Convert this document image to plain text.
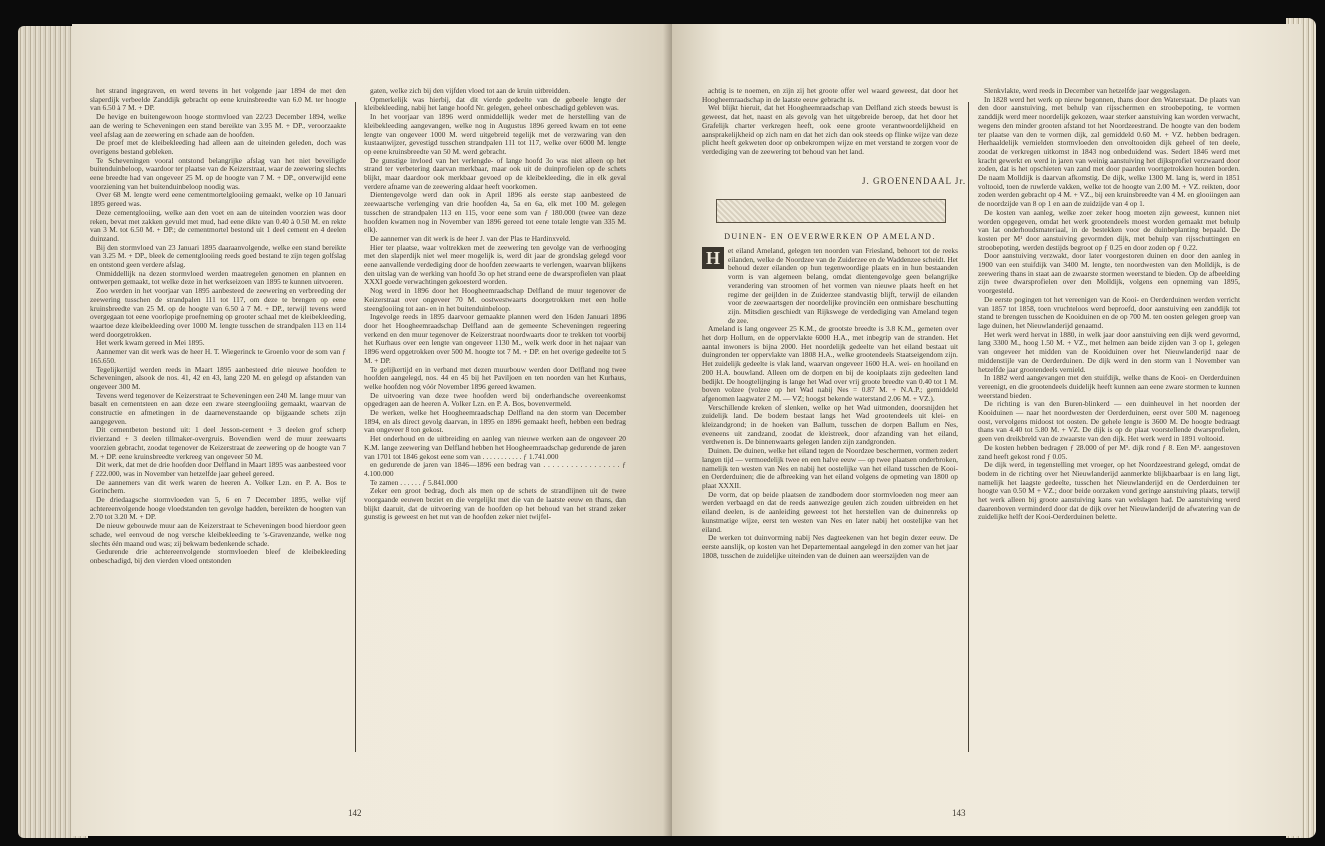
het strand ingegraven, en werd tevens in het volgende jaar 1894 de met den slaperdijk verbeelde Zanddijk gebracht op eene kruinsbreedte van 6.0 M. ter hoogte van 6.50 à 7 M. + DP.

De hevige en buitengewoon hooge stormvloed van 22/23 December 1894, welke aan de wering te Scheveningen een stand bereikte van 3.95 M. + DP., veroorzaakte veel afslag aan de zeewering en schade aan de hoofden.

De proef met de kleibekleeding had alleen aan de uiteinden geleden, doch was overigens bestand gebleken.

Te Scheveningen vooral ontstond belangrijke afslag van het niet beveiligde buitenduinbeloop, waardoor ter plaatse van de Keizerstraat, waar de zeewering slechts eene breedte had van ongeveer 25 M. op de hoogte van 7 M. + DP., onverwijld eene voorziening van het buitenduinbeloop noodig was.

Over 68 M. lengte werd eene cementmortelglooiing gemaakt, welke op 10 Januari 1895 gereed was.

Deze cementglooiing, welke aan den voet en aan de uiteinden voorzien was door reken, bevat met zakken gevuld met mud, had eene dikte van 0.40 à 0.50 M. en rekte van 3 M. tot 6.50 M. + DP.; de cementmortel bestond uit 1 deel cement en 4 deelen duinzand.

Bij den stormvloed van 23 Januari 1895 daaraanvolgende, welke een stand bereikte van 3.25 M. + DP., bleek de cementglooiing reeds goed bestand te zijn tegen golfslag en ontstond geen verdere afslag.

Onmiddellijk na dezen stormvloed werden maatregelen genomen en plannen en ontwerpen gemaakt, tot welke deze in het werkseizoen van 1895 te kunnen uitvoeren.

Zoo werden in het voorjaar van 1895 aanbesteed de zeewering en verbreeding der zeewering tusschen de strandpalen 111 tot 117, om deze te brengen op eene kruinsbreedte van 25 M. op de hoogte van 6.50 à 7 M. + DP., terwijl tevens werd overgegaan tot eene voorlopige proefneming op grooter schaal met de kleibekleeding, waartoe deze kleibekleeding over 1000 M. lengte tusschen de strandpalen 113 en 114 werd doorgetrokken.

Het werk kwam gereed in Mei 1895.

Aannemer van dit werk was de heer H. T. Wiegerinck te Groenlo voor de som van ƒ 165.650.

Tegelijkertijd werden reeds in Maart 1895 aanbesteed drie nieuwe hoofden te Scheveningen, alsook de nos. 41, 42 en 43, lang 220 M. en gelegd op afstanden van ongeveer 300 M.

Tevens werd tegenover de Keizerstraat te Scheveningen een 240 M. lange muur van basalt en cementsteen en aan deze een zware steenglooiing gemaakt, waarvan de constructie en afmetingen in de daarnevenstaande op bijgaande schets zijn aangegeven.

Dit cementbeton bestond uit: 1 deel Jesson-cement + 3 deelen grof scherp rivierzand + 3 deelen tillmaker-overgruis. Bovendien werd de muur zeewaarts voorzien gebracht, zoodat tegenover de Keizerstraat de zeewering op de hoogte van 7 M. + DP. eene kruinsbreedte verkreeg van ongeveer 50 M.

Dit werk, dat met de drie hoofden door Delfland in Maart 1895 was aanbesteed voor ƒ 222.000, was in November van hetzelfde jaar geheel gereed.

De aannemers van dit werk waren de heeren A. Volker Lzn. en P. A. Bos te Gorinchem.

De driedaagsche stormvloeden van 5, 6 en 7 December 1895, welke vijf achtereenvolgende hooge vloedstanden ten gevolge hadden, bereikten de hoogten van 2.70 tot 3.20 M. + DP.

De nieuw gebouwde muur aan de Keizerstraat te Scheveningen bood hierdoor geen schade, wel eenvoud de nog versche kleibekleeding te 's-Gravenzande, welke nog slechts één maand oud was; zij bekwam bedenkende schade.

Gedurende drie achtereenvolgende stormvloeden bleef de kleibekleeding onbeschadigd, bij den vierden vloed ontstonden

gaten, welke zich bij den vijfden vloed tot aan de kruin uitbreidden.

Opmerkelijk was hierbij, dat dit vierde gedeelte van de gebeele lengte der kleibekleeding, nabij het lange hoofd Nr. gelegen, geheel onbeschadigd gebleven was.

In het voorjaar van 1896 werd onmiddellijk weder met de herstelling van de kleibekleeding aangevangen, welke nog in Augustus 1896 gereed kwam en tot eene lengte van ongeveer 1000 M. werd uitgebreid tegelijk met de verzwaring van den kustaanwijzer, gevestigd tusschen strandpalen 111 tot 117, welke over 6000 M. lengte op eene kruinsbreedte van 50 M. werd gebracht.

De gunstige invloed van het verlengde- of lange hoofd 3o was niet alleen op het strand ter verbetering daarvan merkbaar, maar ook uit de duinprofielen op de schets blijkt, maar daardoor ook merkbaar gevoed op de kleibekleeding, die in elk geval verdere afname van de zeewering aldaar heeft voorkomen.

Dientengevolge werd dan ook in April 1896 als eerste stap aanbesteed de zeewaartsche verlenging van drie hoofden 4a, 5a en 6a, elk met 100 M. gelegen tusschen de strandpalen 113 en 115, voor eene som van ƒ 180.000 (twee van deze hoofden kwamen nog in November van 1896 gereed tot eene totale lengte van 335 M. elk).

De aannemer van dit werk is de heer J. van der Plas te Hardinxveld.

Hier ter plaatse, waar voltrekken met de zeewering ten gevolge van de verhooging met den slaperdijk niet wel meer mogelijk is, werd dit jaar de grondslag gelegd voor eene aanvallende verdediging door de hoofden zeewaarts te verlengen, waarvan blijkens den uitslag van de werking van hoofd 3o op het strand eene de dwarsprofielen van plaat XXXI goede verwachtingen gekoesterd worden.

Nog werd in 1896 door het Hoogheemraadschap Delfland de muur tegenover de Keizerstraat over ongeveer 70 M. oostwestwaarts doorgetrokken met een holle steenglooiing tot aan- en in het buitenduinbeloop.

Ingevolge reeds in 1895 daarvoor gemaakte plannen werd den 16den Januari 1896 door het Hoogheemraadschap Delfland aan de gemeente Scheveningen regeering verkend en den muur tegenover de Keizerstraat noordwaarts door te trekken tot voorbij het Kurhaus over een lengte van ongeveer 1130 M., welk werk door in het najaar van 1896 werd opgetrokken over 500 M. hoogte tot 7 M. + DP. en het overige gedeelte tot 5 M. + DP.

Te gelijkertijd en in verband met dezen muurbouw werden door Delfland nog twee hoofden aangelegd, nos. 44 en 45 bij het Paviljoen en ten noorden van het Kurhaus, welke hoofden nog vóór November 1896 gereed kwamen.

De uitvoering van deze twee hoofden werd bij onderhandsche overeenkomst opgedragen aan de heeren A. Volker Lzn. en P. A. Bos, bovenvermeld.

De werken, welke het Hoogheemraadschap Delfland na den storm van December 1894, en als direct gevolg daarvan, in 1895 en 1896 gemaakt heeft, hebben een bedrag van ongeveer 8 ton gekost.

Het onderhoud en de uitbreiding en aanleg van nieuwe werken aan de ongeveer 20 K.M. lange zeewering van Delfland hebben het Hoogheemraadschap gedurende de jaren van 1701 tot 1846 gekost eene som van . . . . . . . . . . . ƒ 1.741.000

en gedurende de jaren van 1846—1896 een bedrag van . . . . . . . . . . . . . . . . . ƒ 4.100.000

Te zamen . . . . . . ƒ 5.841.000

Zeker een groot bedrag, doch als men op de schets de strandlijnen uit de twee voorgaande eeuwen beziet en die vergelijkt met die van de laatste eeuw en thans, dan blijkt daaruit, dat de uitvoering van de hoofden op het behoud van het strand zeker gunstig is geweest en het nut van de hoofden zeker niet twijfel-

142

achtig is te noemen, en zijn zij het groote offer wel waard geweest, dat door het Hoogheemraadschap in de laatste eeuw gebracht is.

Wel blijkt hieruit, dat het Hoogheemraadschap van Delfland zich steeds bewust is geweest, dat het, naast en als gevolg van het uitgebreide beroep, dat het door het Grafelijk charter verkregen heeft, ook eene groote verantwoordelijkheid en aansprakelijkheid op zich nam en dat het zich dan ook steeds op flinke wijze van deze plicht heeft gekweten door op onbekrompen wijze en met verstand te zorgen voor de verdediging van de zeewering tot behoud van het land.

J. GROENENDAAL Jr.
DUINEN- EN OEVERWERKEN OP AMELAND.
H	et eiland Ameland, gelegen ten noorden van Friesland, behoort tot de reeks eilanden, welke de Noordzee van de Zuiderzee en de Waddenzee scheidt. Het behoud dezer eilanden op hun tegenwoordige plaats en in hun bestaanden vorm is van algemeen belang, omdat dientengevolge geen belangrijke verandering van stroomen of het vormen van nieuwe plaats heeft en het regime der geijlden in de Zuiderzee standvastig blijft, terwijl de eilanden voor de zeewaartsgen der noordelijke provinciën een onmisbare beschutting zijn. Mitsdien geschiedt van Rijkswege de verdediging van Ameland tegen de zee.

Ameland is lang ongeveer 25 K.M., de grootste breedte is 3.8 K.M., gemeten over het dorp Hollum, en de oppervlakte 6000 H.A., met inbegrip van de stranden. Het aantal inwoners is bijna 2000. Het noordelijk gedeelte van het eiland bestaat uit duingronden ter oppervlakte van 1808 H.A., welke grootendeels Staatseigendom zijn. Het zuidelijk gedeelte is vlak land, waarvan ongeveer 1600 H.A. wei- en hooiland en 200 H.A. bouwland. Alleen om de dorpen en bij de kooiplaats zijn gedeelten land bedijkt. De hoogtelijnging is lange het Wad over vrij groote breedte van 0.40 tot 1 M. boven volzee (volzee op het Wad nabij Nes = 0.87 M. + N.A.P.; gemiddeld afgenomen laagwater 2 M. — VZ; hoogst bekende waterstand 2.06 M. + VZ.).

Verschillende kreken of slenken, welke op het Wad uitmonden, doorsnijden het zuidelijk land. De bodem bestaat langs het Wad grootendeels uit klei- en kleizandgrond; in de hoeken van Ballum, tusschen de dorpen Ballum en Nes, eveneens uit zandzand, zoodat de kleistreek, door afzanding van het eiland, verdwenen is. De binnenwaarts gelegen landen zijn zandgronden.

Duinen. De duinen, welke het eiland tegen de Noordzee beschermen, vormen zedert langen tijd — vermoedelijk twee en een halve eeuw — op twee plaatsen onderbroken, namelijk ten westen van Nes en nabij het oostelijke van het eiland tusschen de Kooi- en Oerderduinen; die de afbreeking van het eiland volgens de opmeting van 1800 op plaat XXXII.

De vorm, dat op beide plaatsen de zandbodem door stormvloeden nog meer aan werden verbaagd en dat de reeds aanwezige geulen zich zouden uitbreiden en het eiland deelen, is de aanleiding geweest tot het herstellen van de duinenreks op kunstmatige wijze, eerst ten westen van Nes en later nabij het oostelijke van het eiland.

De werken tot duinvorming nabij Nes dagteekenen van het begin dezer eeuw. De eerste aanslijk, op kosten van het Departementaal aangelegd in den zomer van het jaar 1808, tusschen de zuidelijke uiteinden van de duinen aan weerszijden van de

Slenkvlakte, werd reeds in December van hetzelfde jaar weggeslagen.

In 1828 werd het werk op nieuw begonnen, thans door den Waterstaat. De plaats van den door aanstuiving, met behulp van rijsschermen en stroobepoting, te vormen zanddijk werd meer noordelijk gekozen, waar sterker aanstuiving kan worden verwacht, wegens den minder grooten afstand tot het Noordzeestrand. De hoogte van den bodem ter plaatse van den te vormen dijk, zal gemiddeld 0.60 M. + VZ. hebben bedragen. Herhaaldelijk vernielden stormvloeden den onvoltooiden dijk geheel of ten deele, zoodat de verkregen uitkomst in 1843 nog onbeduidend was. Sedert 1846 werd met kracht gewerkt en werd in jaren van weinig aanstuiving het dijksprofiel verzwaard door zoden, dat is het opschieten van zand met door paarden voortgetrokken houten borden. De naam Molldijk is daarvan afkomstig. De dijk, welke 1300 M. lang is, werd in 1851 voltooid, toen de ruwlerde vakken, welke tot de hoogte van 2.00 M. + VZ. reikten, door zoden werden gebracht op 4 M. + VZ., bij een kruinsbreedte van 4 M. en glooiingen aan de noordzijde van 8 op 1 en aan de zuidzijde van 4 op 1.

De kosten van aanleg, welke zoer zeker hoog moeten zijn geweest, kunnen niet worden opgegeven, omdat het werk grootendeels moest worden gemaakt met behulp van lat onderhoudsmateriaal, in de bestekken voor de duinbeplanting bepaald. De kosten per M¹ door aanstuiving gevormden dijk, met behulp van rijsschuttingen en stroobepoting, werden destijds begroot op ƒ 0.25 en door zoden op ƒ 0.22.

Door aanstuiving verzwakt, door later voorgestoren duinen en door den aanleg in 1900 van een stuifdijk van 3400 M. lengte, ten noordwesten van den Molldijk, is de zeewering thans in staat aan de zwaarste stormen weerstand te bieden. Op de afbeelding zijn twee dwarsprofielen over den Molldijk, volgens een opneming van 1895, voorgesteld.

De eerste pogingen tot het vereenigen van de Kooi- en Oerderduinen werden verricht van 1857 tot 1858, toen vruchteloos werd beproefd, door aanstuiving een zanddijk tot stand te brengen tusschen de Kooiduinen en de op 700 M. ten oosten gelegen groep van lage duinen, het Nieuwlanderijd genaamd.

Het werk werd hervat in 1880, in welk jaar door aanstuiving een dijk werd gevormd, lang 3300 M., hoog 1.50 M. + VZ., met helmen aan beide zijden van 3 op 1, gelegen van ongeveer het midden van de Kooiduinen over het Nieuwlanderijd naar de middenstijle van de Oerderduinen. De dijk werd in den storm van 1 November van hetzelfde jaar grootendeels vernield.

In 1882 werd aangevangen met den stuifdijk, welke thans de Kooi- en Oerderduinen vereenigt, en die grootendeels duidelijk heeft kunnen aan eene zware stormen te kunnen weerstand bieden.

De richting is van den Buren-blinkerd — een duinheuvel in het noorden der Kooiduinen — naar het noordwesten der Oerderduinen, eerst over 500 M. nagenoeg oost, vervolgens midoost tot oosten. De gehele lengte is 3600 M. De hoogte bedraagt thans van 4.40 tot 5.80 M. + VZ. De dijk is op de plaat voorstellende dwarsprofielen, geen ven dreikbreld van de zwaarste van den dijk. Het werk werd in 1891 voltooid.

De kosten hebben bedragen ƒ 28.000 of per M¹. dijk rond ƒ 8. Een M³. aangestoven zand heeft gekost rond ƒ 0.05.

De dijk werd, in tegenstelling met vroeger, op het Noordzeestrand gelegd, omdat de bodem in de richting over het Nieuwlanderijd aanmerkte blijkbaarbaar is en lang ligt, namelijk het laagste gedeelte, tusschen het Nieuwlanderijd en de Oerderduinen ter hoogte van 0.50 M + VZ.; door beide oorzaken vond geringe aanstuiving plaats, terwijl het werk alleen bij groote aanstuiving kans van welslagen had. De aanstuiving werd daarenboven verminderd door dat de dijk over het Nieuwlanderijd de afwatering van de zuidelijke helft der Kooi-Oerderduinen belette.

143
